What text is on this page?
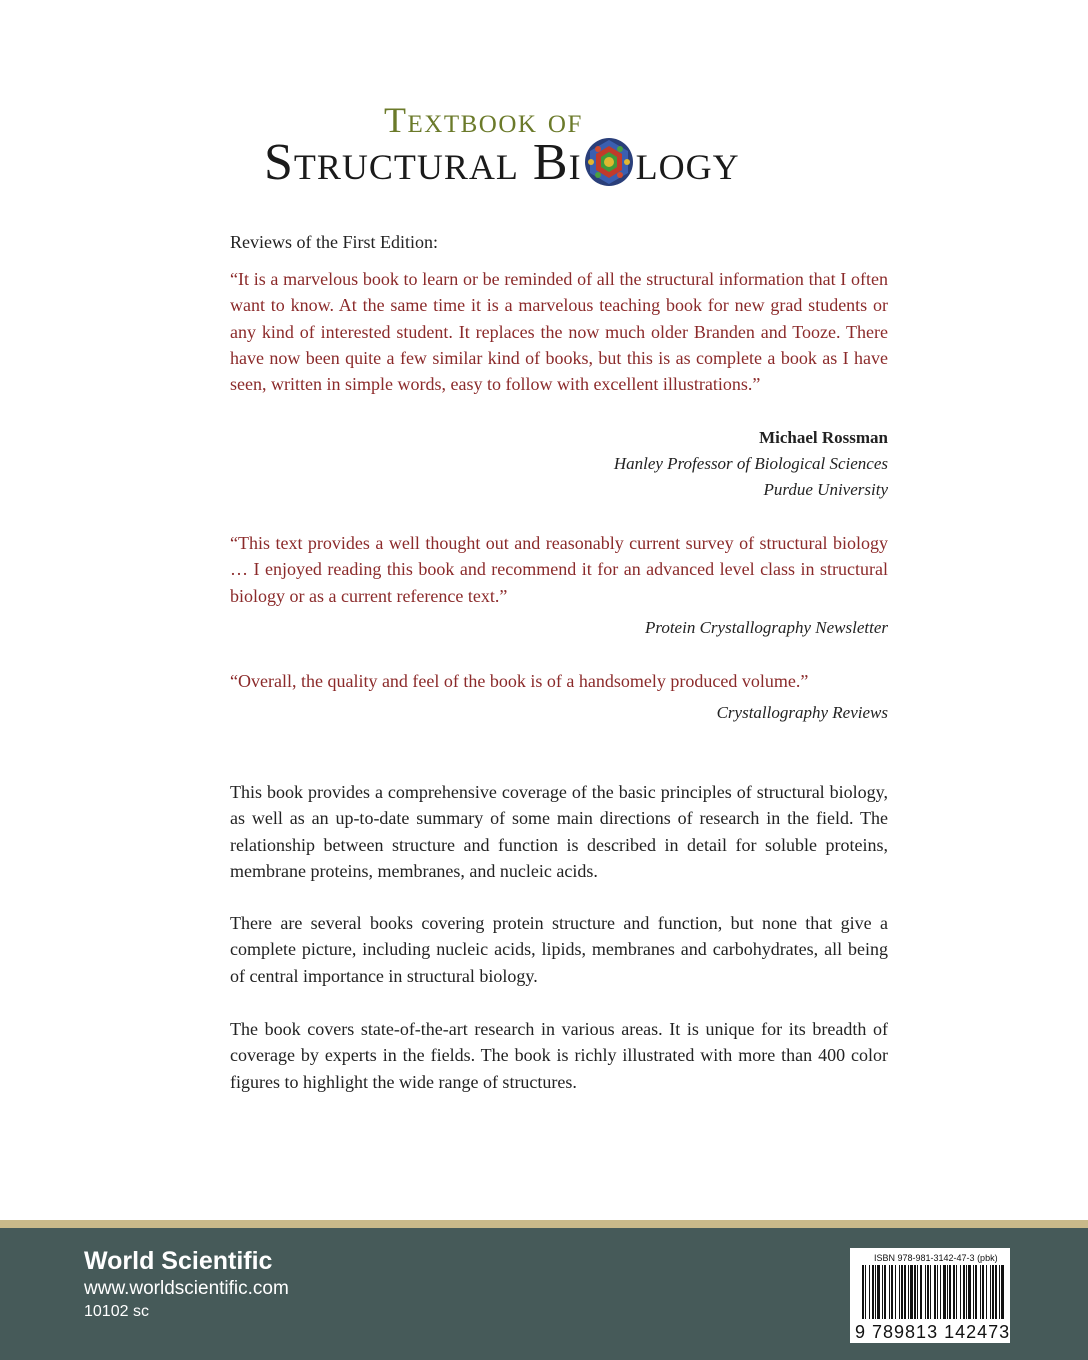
Textbook of
Structural Bi logy
Reviews of the First Edition:
“It is a marvelous book to learn or be reminded of all the structural information that I often want to know. At the same time it is a marvelous teaching book for new grad students or any kind of interested student. It replaces the now much older Branden and Tooze. There have now been quite a few similar kind of books, but this is as complete a book as I have seen, written in simple words, easy to follow with excellent illustrations.”
Michael Rossman
Hanley Professor of Biological Sciences
Purdue University
“This text provides a well thought out and reasonably current survey of structural biology … I enjoyed reading this book and recommend it for an advanced level class in structural biology or as a current reference text.”
Protein Crystallography Newsletter
“Overall, the quality and feel of the book is of a handsomely produced volume.”
Crystallography Reviews
This book provides a comprehensive coverage of the basic principles of structural biology, as well as an up-to-date summary of some main directions of research in the field. The relationship between structure and function is described in detail for soluble proteins, membrane proteins, membranes, and nucleic acids.
There are several books covering protein structure and function, but none that give a complete picture, including nucleic acids, lipids, membranes and carbohydrates, all being of central importance in structural biology.
The book covers state-of-the-art research in various areas. It is unique for its breadth of coverage by experts in the fields. The book is richly illustrated with more than 400 color figures to highlight the wide range of structures.
World Scientific
www.worldscientific.com
10102 sc
ISBN 978-981-3142-47-3 (pbk)
9 789813 142473
